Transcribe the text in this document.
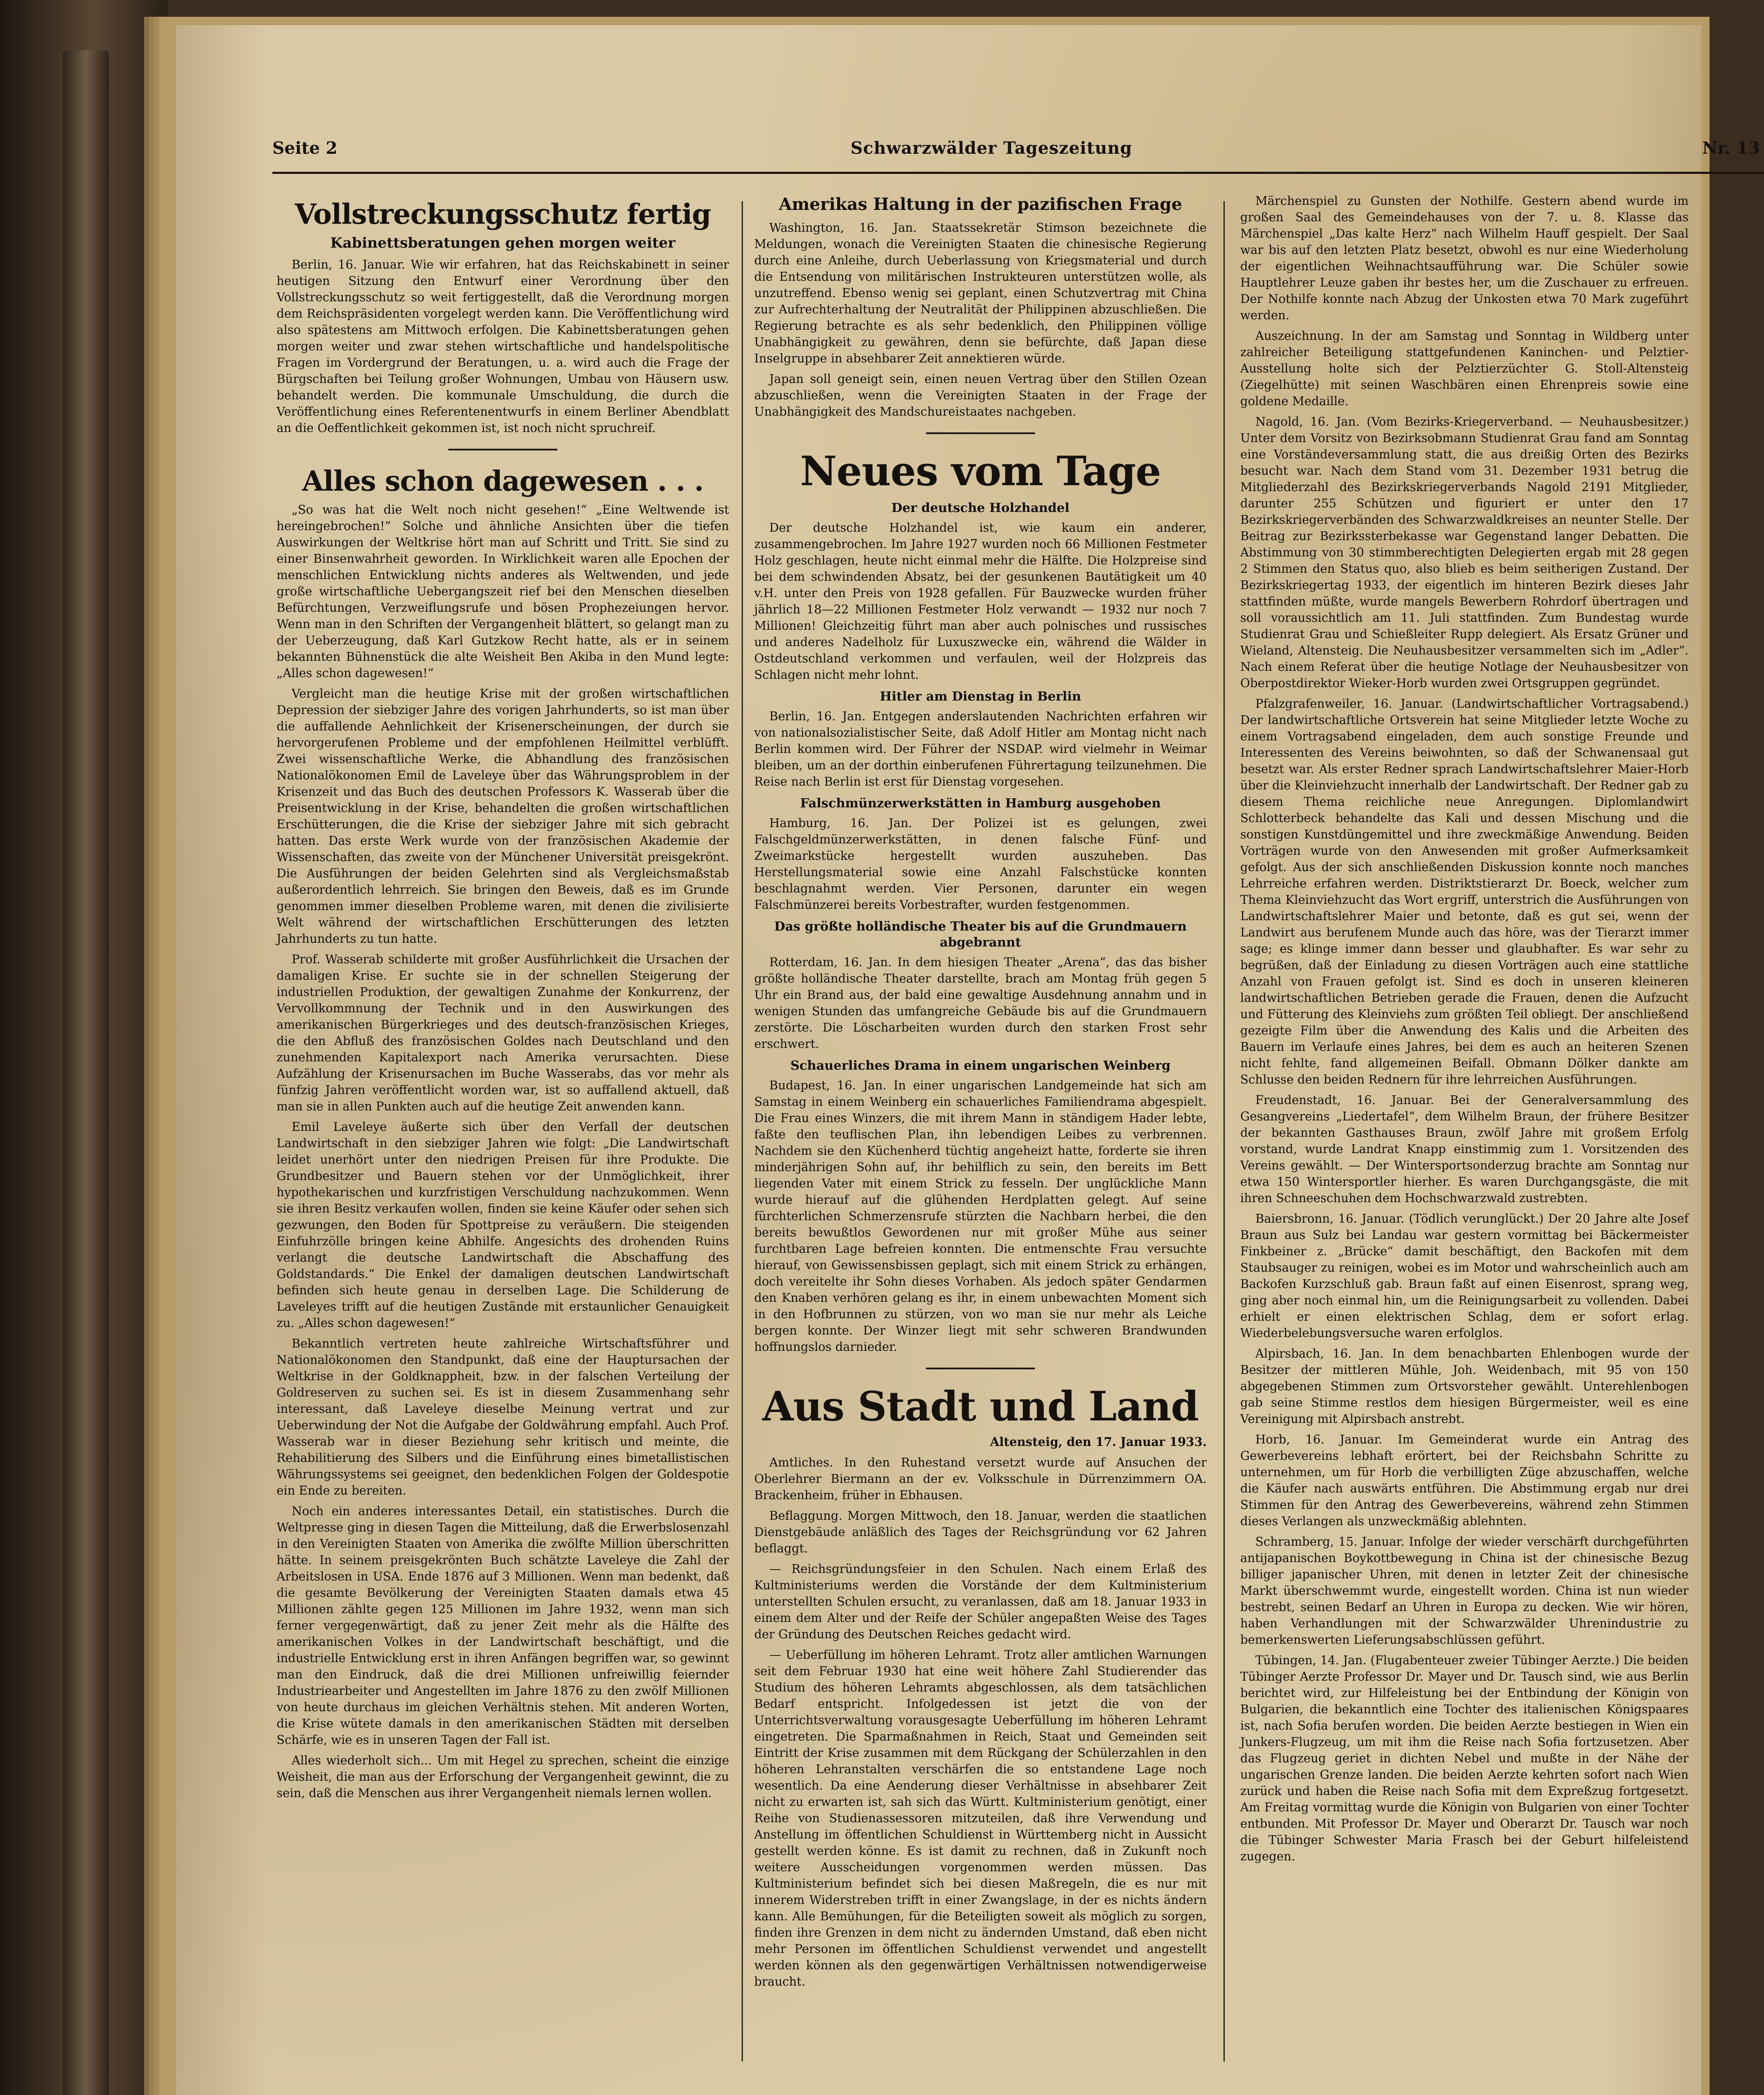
Seite 2	Schwarzwälder Tageszeitung	Nr. 13
Vollstreckungsschutz fertig
Kabinettsberatungen gehen morgen weiter

Berlin, 16. Januar. Wie wir erfahren, hat das Reichskabinett in seiner heutigen Sitzung den Entwurf einer Verordnung über den Vollstreckungsschutz so weit fertiggestellt, daß die Verordnung morgen dem Reichspräsidenten vorgelegt werden kann. Die Veröffentlichung wird also spätestens am Mittwoch erfolgen. Die Kabinettsberatungen gehen morgen weiter und zwar stehen wirtschaftliche und handelspolitische Fragen im Vordergrund der Beratungen, u. a. wird auch die Frage der Bürgschaften bei Teilung großer Wohnungen, Umbau von Häusern usw. behandelt werden. Die kommunale Umschuldung, die durch die Veröffentlichung eines Referentenentwurfs in einem Berliner Abendblatt an die Oeffentlichkeit gekommen ist, ist noch nicht spruchreif.

Alles schon dagewesen . . .

„So was hat die Welt noch nicht gesehen!“ „Eine Weltwende ist hereingebrochen!“ Solche und ähnliche Ansichten über die tiefen Auswirkungen der Weltkrise hört man auf Schritt und Tritt. Sie sind zu einer Binsenwahrheit geworden. In Wirklichkeit waren alle Epochen der menschlichen Entwicklung nichts anderes als Weltwenden, und jede große wirtschaftliche Uebergangszeit rief bei den Menschen dieselben Befürchtungen, Verzweiflungsrufe und bösen Prophezeiungen hervor. Wenn man in den Schriften der Vergangenheit blättert, so gelangt man zu der Ueberzeugung, daß Karl Gutzkow Recht hatte, als er in seinem bekannten Bühnenstück die alte Weisheit Ben Akiba in den Mund legte: „Alles schon dagewesen!“

Vergleicht man die heutige Krise mit der großen wirtschaftlichen Depression der siebziger Jahre des vorigen Jahrhunderts, so ist man über die auffallende Aehnlichkeit der Krisenerscheinungen, der durch sie hervorgerufenen Probleme und der empfohlenen Heilmittel verblüfft. Zwei wissenschaftliche Werke, die Abhandlung des französischen Nationalökonomen Emil de Laveleye über das Währungsproblem in der Krisenzeit und das Buch des deutschen Professors K. Wasserab über die Preisentwicklung in der Krise, behandelten die großen wirtschaftlichen Erschütterungen, die die Krise der siebziger Jahre mit sich gebracht hatten. Das erste Werk wurde von der französischen Akademie der Wissenschaften, das zweite von der Münchener Universität preisgekrönt. Die Ausführungen der beiden Gelehrten sind als Vergleichsmaßstab außerordentlich lehrreich. Sie bringen den Beweis, daß es im Grunde genommen immer dieselben Probleme waren, mit denen die zivilisierte Welt während der wirtschaftlichen Erschütterungen des letzten Jahrhunderts zu tun hatte.

Prof. Wasserab schilderte mit großer Ausführlichkeit die Ursachen der damaligen Krise. Er suchte sie in der schnellen Steigerung der industriellen Produktion, der gewaltigen Zunahme der Konkurrenz, der Vervollkommnung der Technik und in den Auswirkungen des amerikanischen Bürgerkrieges und des deutsch-französischen Krieges, die den Abfluß des französischen Goldes nach Deutschland und den zunehmenden Kapitalexport nach Amerika verursachten. Diese Aufzählung der Krisenursachen im Buche Wasserabs, das vor mehr als fünfzig Jahren veröffentlicht worden war, ist so auffallend aktuell, daß man sie in allen Punkten auch auf die heutige Zeit anwenden kann.

Emil Laveleye äußerte sich über den Verfall der deutschen Landwirtschaft in den siebziger Jahren wie folgt: „Die Landwirtschaft leidet unerhört unter den niedrigen Preisen für ihre Produkte. Die Grundbesitzer und Bauern stehen vor der Unmöglichkeit, ihrer hypothekarischen und kurzfristigen Verschuldung nachzukommen. Wenn sie ihren Besitz verkaufen wollen, finden sie keine Käufer oder sehen sich gezwungen, den Boden für Spottpreise zu veräußern. Die steigenden Einfuhrzölle bringen keine Abhilfe. Angesichts des drohenden Ruins verlangt die deutsche Landwirtschaft die Abschaffung des Goldstandards.“ Die Enkel der damaligen deutschen Landwirtschaft befinden sich heute genau in derselben Lage. Die Schilderung de Laveleyes trifft auf die heutigen Zustände mit erstaunlicher Genauigkeit zu. „Alles schon dagewesen!“

Bekanntlich vertreten heute zahlreiche Wirtschaftsführer und Nationalökonomen den Standpunkt, daß eine der Hauptursachen der Weltkrise in der Goldknappheit, bzw. in der falschen Verteilung der Goldreserven zu suchen sei. Es ist in diesem Zusammenhang sehr interessant, daß Laveleye dieselbe Meinung vertrat und zur Ueberwindung der Not die Aufgabe der Goldwährung empfahl. Auch Prof. Wasserab war in dieser Beziehung sehr kritisch und meinte, die Rehabilitierung des Silbers und die Einführung eines bimetallistischen Währungssystems sei geeignet, den bedenklichen Folgen der Goldespotie ein Ende zu bereiten.

Noch ein anderes interessantes Detail, ein statistisches. Durch die Weltpresse ging in diesen Tagen die Mitteilung, daß die Erwerbslosenzahl in den Vereinigten Staaten von Amerika die zwölfte Million überschritten hätte. In seinem preisgekrönten Buch schätzte Laveleye die Zahl der Arbeitslosen in USA. Ende 1876 auf 3 Millionen. Wenn man bedenkt, daß die gesamte Bevölkerung der Vereinigten Staaten damals etwa 45 Millionen zählte gegen 125 Millionen im Jahre 1932, wenn man sich ferner vergegenwärtigt, daß zu jener Zeit mehr als die Hälfte des amerikanischen Volkes in der Landwirtschaft beschäftigt, und die industrielle Entwicklung erst in ihren Anfängen begriffen war, so gewinnt man den Eindruck, daß die drei Millionen unfreiwillig feiernder Industriearbeiter und Angestellten im Jahre 1876 zu den zwölf Millionen von heute durchaus im gleichen Verhältnis stehen. Mit anderen Worten, die Krise wütete damals in den amerikanischen Städten mit derselben Schärfe, wie es in unseren Tagen der Fall ist.

Alles wiederholt sich... Um mit Hegel zu sprechen, scheint die einzige Weisheit, die man aus der Erforschung der Vergangenheit gewinnt, die zu sein, daß die Menschen aus ihrer Vergangenheit niemals lernen wollen.

Amerikas Haltung in der pazifischen Frage

Washington, 16. Jan. Staatssekretär Stimson bezeichnete die Meldungen, wonach die Vereinigten Staaten die chinesische Regierung durch eine Anleihe, durch Ueberlassung von Kriegsmaterial und durch die Entsendung von militärischen Instrukteuren unterstützen wolle, als unzutreffend. Ebenso wenig sei geplant, einen Schutzvertrag mit China zur Aufrechterhaltung der Neutralität der Philippinen abzuschließen. Die Regierung betrachte es als sehr bedenklich, den Philippinen völlige Unabhängigkeit zu gewähren, denn sie befürchte, daß Japan diese Inselgruppe in absehbarer Zeit annektieren würde.

Japan soll geneigt sein, einen neuen Vertrag über den Stillen Ozean abzuschließen, wenn die Vereinigten Staaten in der Frage der Unabhängigkeit des Mandschureistaates nachgeben.

Neues vom Tage
Der deutsche Holzhandel

Der deutsche Holzhandel ist, wie kaum ein anderer, zusammengebrochen. Im Jahre 1927 wurden noch 66 Millionen Festmeter Holz geschlagen, heute nicht einmal mehr die Hälfte. Die Holzpreise sind bei dem schwindenden Absatz, bei der gesunkenen Bautätigkeit um 40 v.H. unter den Preis von 1928 gefallen. Für Bauzwecke wurden früher jährlich 18—22 Millionen Festmeter Holz verwandt — 1932 nur noch 7 Millionen! Gleichzeitig führt man aber auch polnisches und russisches und anderes Nadelholz für Luxuszwecke ein, während die Wälder in Ostdeutschland verkommen und verfaulen, weil der Holzpreis das Schlagen nicht mehr lohnt.

Hitler am Dienstag in Berlin

Berlin, 16. Jan. Entgegen anderslautenden Nachrichten erfahren wir von nationalsozialistischer Seite, daß Adolf Hitler am Montag nicht nach Berlin kommen wird. Der Führer der NSDAP. wird vielmehr in Weimar bleiben, um an der dorthin einberufenen Führertagung teilzunehmen. Die Reise nach Berlin ist erst für Dienstag vorgesehen.

Falschmünzerwerkstätten in Hamburg ausgehoben

Hamburg, 16. Jan. Der Polizei ist es gelungen, zwei Falschgeldmünzerwerkstätten, in denen falsche Fünf- und Zweimarkstücke hergestellt wurden auszuheben. Das Herstellungsmaterial sowie eine Anzahl Falschstücke konnten beschlagnahmt werden. Vier Personen, darunter ein wegen Falschmünzerei bereits Vorbestrafter, wurden festgenommen.

Das größte holländische Theater bis auf die Grundmauern abgebrannt

Rotterdam, 16. Jan. In dem hiesigen Theater „Arena“, das das bisher größte holländische Theater darstellte, brach am Montag früh gegen 5 Uhr ein Brand aus, der bald eine gewaltige Ausdehnung annahm und in wenigen Stunden das umfangreiche Gebäude bis auf die Grundmauern zerstörte. Die Löscharbeiten wurden durch den starken Frost sehr erschwert.

Schauerliches Drama in einem ungarischen Weinberg

Budapest, 16. Jan. In einer ungarischen Landgemeinde hat sich am Samstag in einem Weinberg ein schauerliches Familiendrama abgespielt. Die Frau eines Winzers, die mit ihrem Mann in ständigem Hader lebte, faßte den teuflischen Plan, ihn lebendigen Leibes zu verbrennen. Nachdem sie den Küchenherd tüchtig angeheizt hatte, forderte sie ihren minderjährigen Sohn auf, ihr behilflich zu sein, den bereits im Bett liegenden Vater mit einem Strick zu fesseln. Der unglückliche Mann wurde hierauf auf die glühenden Herdplatten gelegt. Auf seine fürchterlichen Schmerzensrufe stürzten die Nachbarn herbei, die den bereits bewußtlos Gewordenen nur mit großer Mühe aus seiner furchtbaren Lage befreien konnten. Die entmenschte Frau versuchte hierauf, von Gewissensbissen geplagt, sich mit einem Strick zu erhängen, doch vereitelte ihr Sohn dieses Vorhaben. Als jedoch später Gendarmen den Knaben verhören gelang es ihr, in einem unbewachten Moment sich in den Hofbrunnen zu stürzen, von wo man sie nur mehr als Leiche bergen konnte. Der Winzer liegt mit sehr schweren Brandwunden hoffnungslos darnieder.

Aus Stadt und Land

Altensteig, den 17. Januar 1933.

Amtliches. In den Ruhestand versetzt wurde auf Ansuchen der Oberlehrer Biermann an der ev. Volksschule in Dürrenzimmern OA. Brackenheim, früher in Ebhausen.

Beflaggung. Morgen Mittwoch, den 18. Januar, werden die staatlichen Dienstgebäude anläßlich des Tages der Reichsgründung vor 62 Jahren beflaggt.

— Reichsgründungsfeier in den Schulen. Nach einem Erlaß des Kultministeriums werden die Vorstände der dem Kultministerium unterstellten Schulen ersucht, zu veranlassen, daß am 18. Januar 1933 in einem dem Alter und der Reife der Schüler angepaßten Weise des Tages der Gründung des Deutschen Reiches gedacht wird.

— Ueberfüllung im höheren Lehramt. Trotz aller amtlichen Warnungen seit dem Februar 1930 hat eine weit höhere Zahl Studierender das Studium des höheren Lehramts abgeschlossen, als dem tatsächlichen Bedarf entspricht. Infolgedessen ist jetzt die von der Unterrichtsverwaltung vorausgesagte Ueberfüllung im höheren Lehramt eingetreten. Die Sparmaßnahmen in Reich, Staat und Gemeinden seit Eintritt der Krise zusammen mit dem Rückgang der Schülerzahlen in den höheren Lehranstalten verschärfen die so entstandene Lage noch wesentlich. Da eine Aenderung dieser Verhältnisse in absehbarer Zeit nicht zu erwarten ist, sah sich das Württ. Kultministerium genötigt, einer Reihe von Studienassessoren mitzuteilen, daß ihre Verwendung und Anstellung im öffentlichen Schuldienst in Württemberg nicht in Aussicht gestellt werden könne. Es ist damit zu rechnen, daß in Zukunft noch weitere Ausscheidungen vorgenommen werden müssen. Das Kultministerium befindet sich bei diesen Maßregeln, die es nur mit innerem Widerstreben trifft in einer Zwangslage, in der es nichts ändern kann. Alle Bemühungen, für die Beteiligten soweit als möglich zu sorgen, finden ihre Grenzen in dem nicht zu ändernden Umstand, daß eben nicht mehr Personen im öffentlichen Schuldienst verwendet und angestellt werden können als den gegenwärtigen Verhältnissen notwendigerweise braucht.

Märchenspiel zu Gunsten der Nothilfe. Gestern abend wurde im großen Saal des Gemeindehauses von der 7. u. 8. Klasse das Märchenspiel „Das kalte Herz“ nach Wilhelm Hauff gespielt. Der Saal war bis auf den letzten Platz besetzt, obwohl es nur eine Wiederholung der eigentlichen Weihnachtsaufführung war. Die Schüler sowie Hauptlehrer Leuze gaben ihr bestes her, um die Zuschauer zu erfreuen. Der Nothilfe konnte nach Abzug der Unkosten etwa 70 Mark zugeführt werden.

Auszeichnung. In der am Samstag und Sonntag in Wildberg unter zahlreicher Beteiligung stattgefundenen Kaninchen- und Pelztier-Ausstellung holte sich der Pelztierzüchter G. Stoll-Altensteig (Ziegelhütte) mit seinen Waschbären einen Ehrenpreis sowie eine goldene Medaille.

Nagold, 16. Jan. (Vom Bezirks-Kriegerverband. — Neuhausbesitzer.) Unter dem Vorsitz von Bezirksobmann Studienrat Grau fand am Sonntag eine Vorständeversammlung statt, die aus dreißig Orten des Bezirks besucht war. Nach dem Stand vom 31. Dezember 1931 betrug die Mitgliederzahl des Bezirkskriegerverbands Nagold 2191 Mitglieder, darunter 255 Schützen und figuriert er unter den 17 Bezirkskriegerverbänden des Schwarzwaldkreises an neunter Stelle. Der Beitrag zur Bezirkssterbekasse war Gegenstand langer Debatten. Die Abstimmung von 30 stimmberechtigten Delegierten ergab mit 28 gegen 2 Stimmen den Status quo, also blieb es beim seitherigen Zustand. Der Bezirkskriegertag 1933, der eigentlich im hinteren Bezirk dieses Jahr stattfinden müßte, wurde mangels Bewerbern Rohrdorf übertragen und soll voraussichtlich am 11. Juli stattfinden. Zum Bundestag wurde Studienrat Grau und Schießleiter Rupp delegiert. Als Ersatz Grüner und Wieland, Altensteig. Die Neuhausbesitzer versammelten sich im „Adler“. Nach einem Referat über die heutige Notlage der Neuhausbesitzer von Oberpostdirektor Wieker-Horb wurden zwei Ortsgruppen gegründet.

Pfalzgrafenweiler, 16. Januar. (Landwirtschaftlicher Vortragsabend.) Der landwirtschaftliche Ortsverein hat seine Mitglieder letzte Woche zu einem Vortragsabend eingeladen, dem auch sonstige Freunde und Interessenten des Vereins beiwohnten, so daß der Schwanensaal gut besetzt war. Als erster Redner sprach Landwirtschaftslehrer Maier-Horb über die Kleinviehzucht innerhalb der Landwirtschaft. Der Redner gab zu diesem Thema reichliche neue Anregungen. Diplomlandwirt Schlotterbeck behandelte das Kali und dessen Mischung und die sonstigen Kunstdüngemittel und ihre zweckmäßige Anwendung. Beiden Vorträgen wurde von den Anwesenden mit großer Aufmerksamkeit gefolgt. Aus der sich anschließenden Diskussion konnte noch manches Lehrreiche erfahren werden. Distriktstierarzt Dr. Boeck, welcher zum Thema Kleinviehzucht das Wort ergriff, unterstrich die Ausführungen von Landwirtschaftslehrer Maier und betonte, daß es gut sei, wenn der Landwirt aus berufenem Munde auch das höre, was der Tierarzt immer sage; es klinge immer dann besser und glaubhafter. Es war sehr zu begrüßen, daß der Einladung zu diesen Vorträgen auch eine stattliche Anzahl von Frauen gefolgt ist. Sind es doch in unseren kleineren landwirtschaftlichen Betrieben gerade die Frauen, denen die Aufzucht und Fütterung des Kleinviehs zum größten Teil obliegt. Der anschließend gezeigte Film über die Anwendung des Kalis und die Arbeiten des Bauern im Verlaufe eines Jahres, bei dem es auch an heiteren Szenen nicht fehlte, fand allgemeinen Beifall. Obmann Dölker dankte am Schlusse den beiden Rednern für ihre lehrreichen Ausführungen.

Freudenstadt, 16. Januar. Bei der Generalversammlung des Gesangvereins „Liedertafel“, dem Wilhelm Braun, der frühere Besitzer der bekannten Gasthauses Braun, zwölf Jahre mit großem Erfolg vorstand, wurde Landrat Knapp einstimmig zum 1. Vorsitzenden des Vereins gewählt. — Der Wintersportsonderzug brachte am Sonntag nur etwa 150 Wintersportler hierher. Es waren Durchgangsgäste, die mit ihren Schneeschuhen dem Hochschwarzwald zustrebten.

Baiersbronn, 16. Januar. (Tödlich verunglückt.) Der 20 Jahre alte Josef Braun aus Sulz bei Landau war gestern vormittag bei Bäckermeister Finkbeiner z. „Brücke“ damit beschäftigt, den Backofen mit dem Staubsauger zu reinigen, wobei es im Motor und wahrscheinlich auch am Backofen Kurzschluß gab. Braun faßt auf einen Eisenrost, sprang weg, ging aber noch einmal hin, um die Reinigungsarbeit zu vollenden. Dabei erhielt er einen elektrischen Schlag, dem er sofort erlag. Wiederbelebungsversuche waren erfolglos.

Alpirsbach, 16. Jan. In dem benachbarten Ehlenbogen wurde der Besitzer der mittleren Mühle, Joh. Weidenbach, mit 95 von 150 abgegebenen Stimmen zum Ortsvorsteher gewählt. Unterehlenbogen gab seine Stimme restlos dem hiesigen Bürgermeister, weil es eine Vereinigung mit Alpirsbach anstrebt.

Horb, 16. Januar. Im Gemeinderat wurde ein Antrag des Gewerbevereins lebhaft erörtert, bei der Reichsbahn Schritte zu unternehmen, um für Horb die verbilligten Züge abzuschaffen, welche die Käufer nach auswärts entführen. Die Abstimmung ergab nur drei Stimmen für den Antrag des Gewerbevereins, während zehn Stimmen dieses Verlangen als unzweckmäßig ablehnten.

Schramberg, 15. Januar. Infolge der wieder verschärft durchgeführten antijapanischen Boykottbewegung in China ist der chinesische Bezug billiger japanischer Uhren, mit denen in letzter Zeit der chinesische Markt überschwemmt wurde, eingestellt worden. China ist nun wieder bestrebt, seinen Bedarf an Uhren in Europa zu decken. Wie wir hören, haben Verhandlungen mit der Schwarzwälder Uhrenindustrie zu bemerkenswerten Lieferungsabschlüssen geführt.

Tübingen, 14. Jan. (Flugabenteuer zweier Tübinger Aerzte.) Die beiden Tübinger Aerzte Professor Dr. Mayer und Dr. Tausch sind, wie aus Berlin berichtet wird, zur Hilfeleistung bei der Entbindung der Königin von Bulgarien, die bekanntlich eine Tochter des italienischen Königspaares ist, nach Sofia berufen worden. Die beiden Aerzte bestiegen in Wien ein Junkers-Flugzeug, um mit ihm die Reise nach Sofia fortzusetzen. Aber das Flugzeug geriet in dichten Nebel und mußte in der Nähe der ungarischen Grenze landen. Die beiden Aerzte kehrten sofort nach Wien zurück und haben die Reise nach Sofia mit dem Expreßzug fortgesetzt. Am Freitag vormittag wurde die Königin von Bulgarien von einer Tochter entbunden. Mit Professor Dr. Mayer und Oberarzt Dr. Tausch war noch die Tübinger Schwester Maria Frasch bei der Geburt hilfeleistend zugegen.
